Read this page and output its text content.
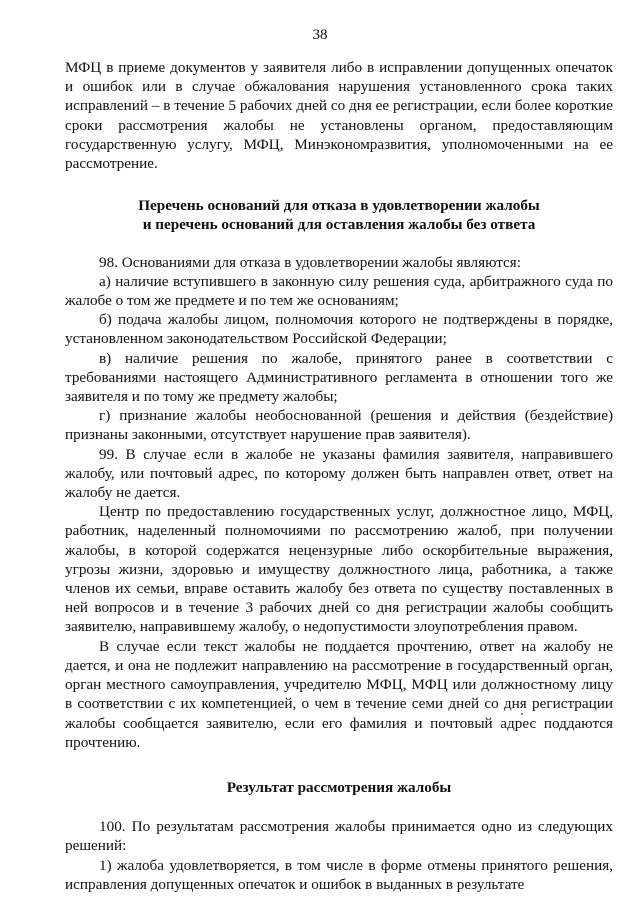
38

МФЦ в приеме документов у заявителя либо в исправлении допущенных опечаток и ошибок или в случае обжалования нарушения установленного срока таких исправлений – в течение 5 рабочих дней со дня ее регистрации, если более короткие сроки рассмотрения жалобы не установлены органом, предоставляющим государственную услугу, МФЦ, Минэкономразвития, уполномоченными на ее рассмотрение.

Перечень оснований для отказа в удовлетворении жалобы
и перечень оснований для оставления жалобы без ответа

98. Основаниями для отказа в удовлетворении жалобы являются:

а) наличие вступившего в законную силу решения суда, арбитражного суда по жалобе о том же предмете и по тем же основаниям;

б) подача жалобы лицом, полномочия которого не подтверждены в порядке, установленном законодательством Российской Федерации;

в) наличие решения по жалобе, принятого ранее в соответствии с требованиями настоящего Административного регламента в отношении того же заявителя и по тому же предмету жалобы;

г) признание жалобы необоснованной (решения и действия (бездействие) признаны законными, отсутствует нарушение прав заявителя).

99. В случае если в жалобе не указаны фамилия заявителя, направившего жалобу, или почтовый адрес, по которому должен быть направлен ответ, ответ на жалобу не дается.

Центр по предоставлению государственных услуг, должностное лицо, МФЦ, работник, наделенный полномочиями по рассмотрению жалоб, при получении жалобы, в которой содержатся нецензурные либо оскорбительные выражения, угрозы жизни, здоровью и имуществу должностного лица, работника, а также членов их семьи, вправе оставить жалобу без ответа по существу поставленных в ней вопросов и в течение 3 рабочих дней со дня регистрации жалобы сообщить заявителю, направившему жалобу, о недопустимости злоупотребления правом.

В случае если текст жалобы не поддается прочтению, ответ на жалобу не дается, и она не подлежит направлению на рассмотрение в государственный орган, орган местного самоуправления, учредителю МФЦ, МФЦ или должностному лицу в соответствии с их компетенцией, о чем в течение семи дней со дня регистрации жалобы сообщается заявителю, если его фамилия и почтовый адрес поддаются прочтению.

Результат рассмотрения жалобы

100. По результатам рассмотрения жалобы принимается одно из следующих решений:

1) жалоба удовлетворяется, в том числе в форме отмены принятого решения, исправления допущенных опечаток и ошибок в выданных в результате
